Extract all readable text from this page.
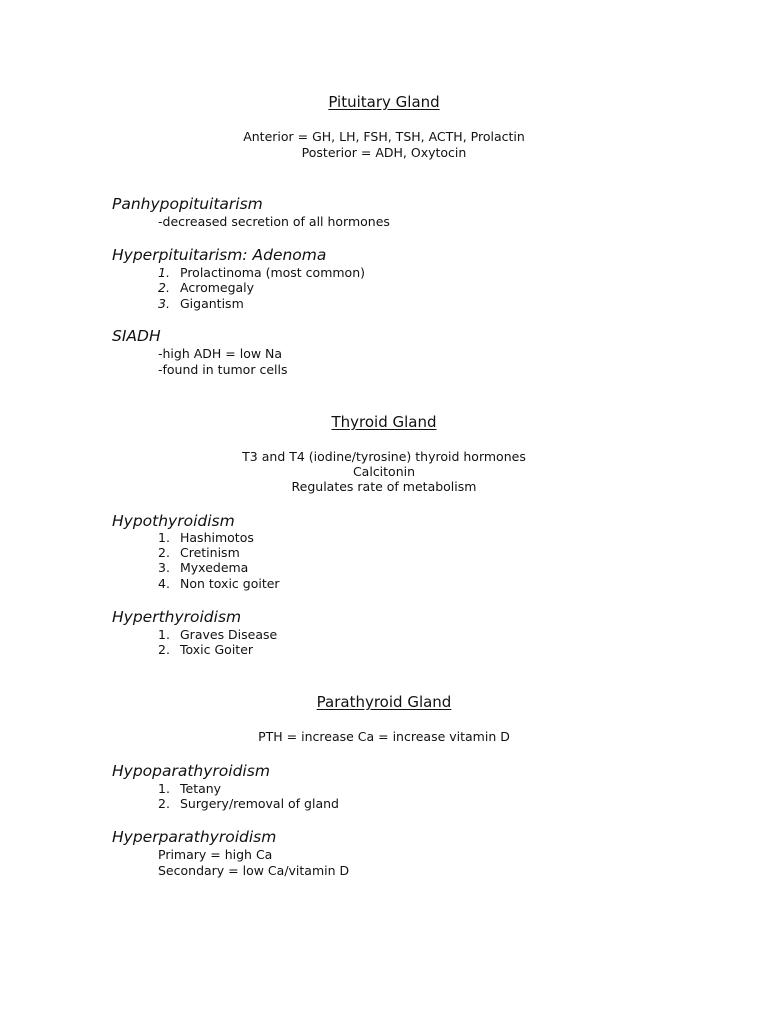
Pituitary Gland

Anterior = GH, LH, FSH, TSH, ACTH, Prolactin

Posterior = ADH, Oxytocin

Panhypopituitarism

-decreased secretion of all hormones

Hyperpituitarism: Adenoma
1. Prolactinoma (most common)
2. Acromegaly
3. Gigantism
SIADH

-high ADH = low Na

-found in tumor cells

Thyroid Gland

T3 and T4 (iodine/tyrosine) thyroid hormones

Calcitonin

Regulates rate of metabolism

Hypothyroidism
1. Hashimotos
2. Cretinism
3. Myxedema
4. Non toxic goiter
Hyperthyroidism
1. Graves Disease
2. Toxic Goiter
Parathyroid Gland

PTH = increase Ca = increase vitamin D

Hypoparathyroidism
1. Tetany
2. Surgery/removal of gland
Hyperparathyroidism

Primary = high Ca

Secondary = low Ca/vitamin D
